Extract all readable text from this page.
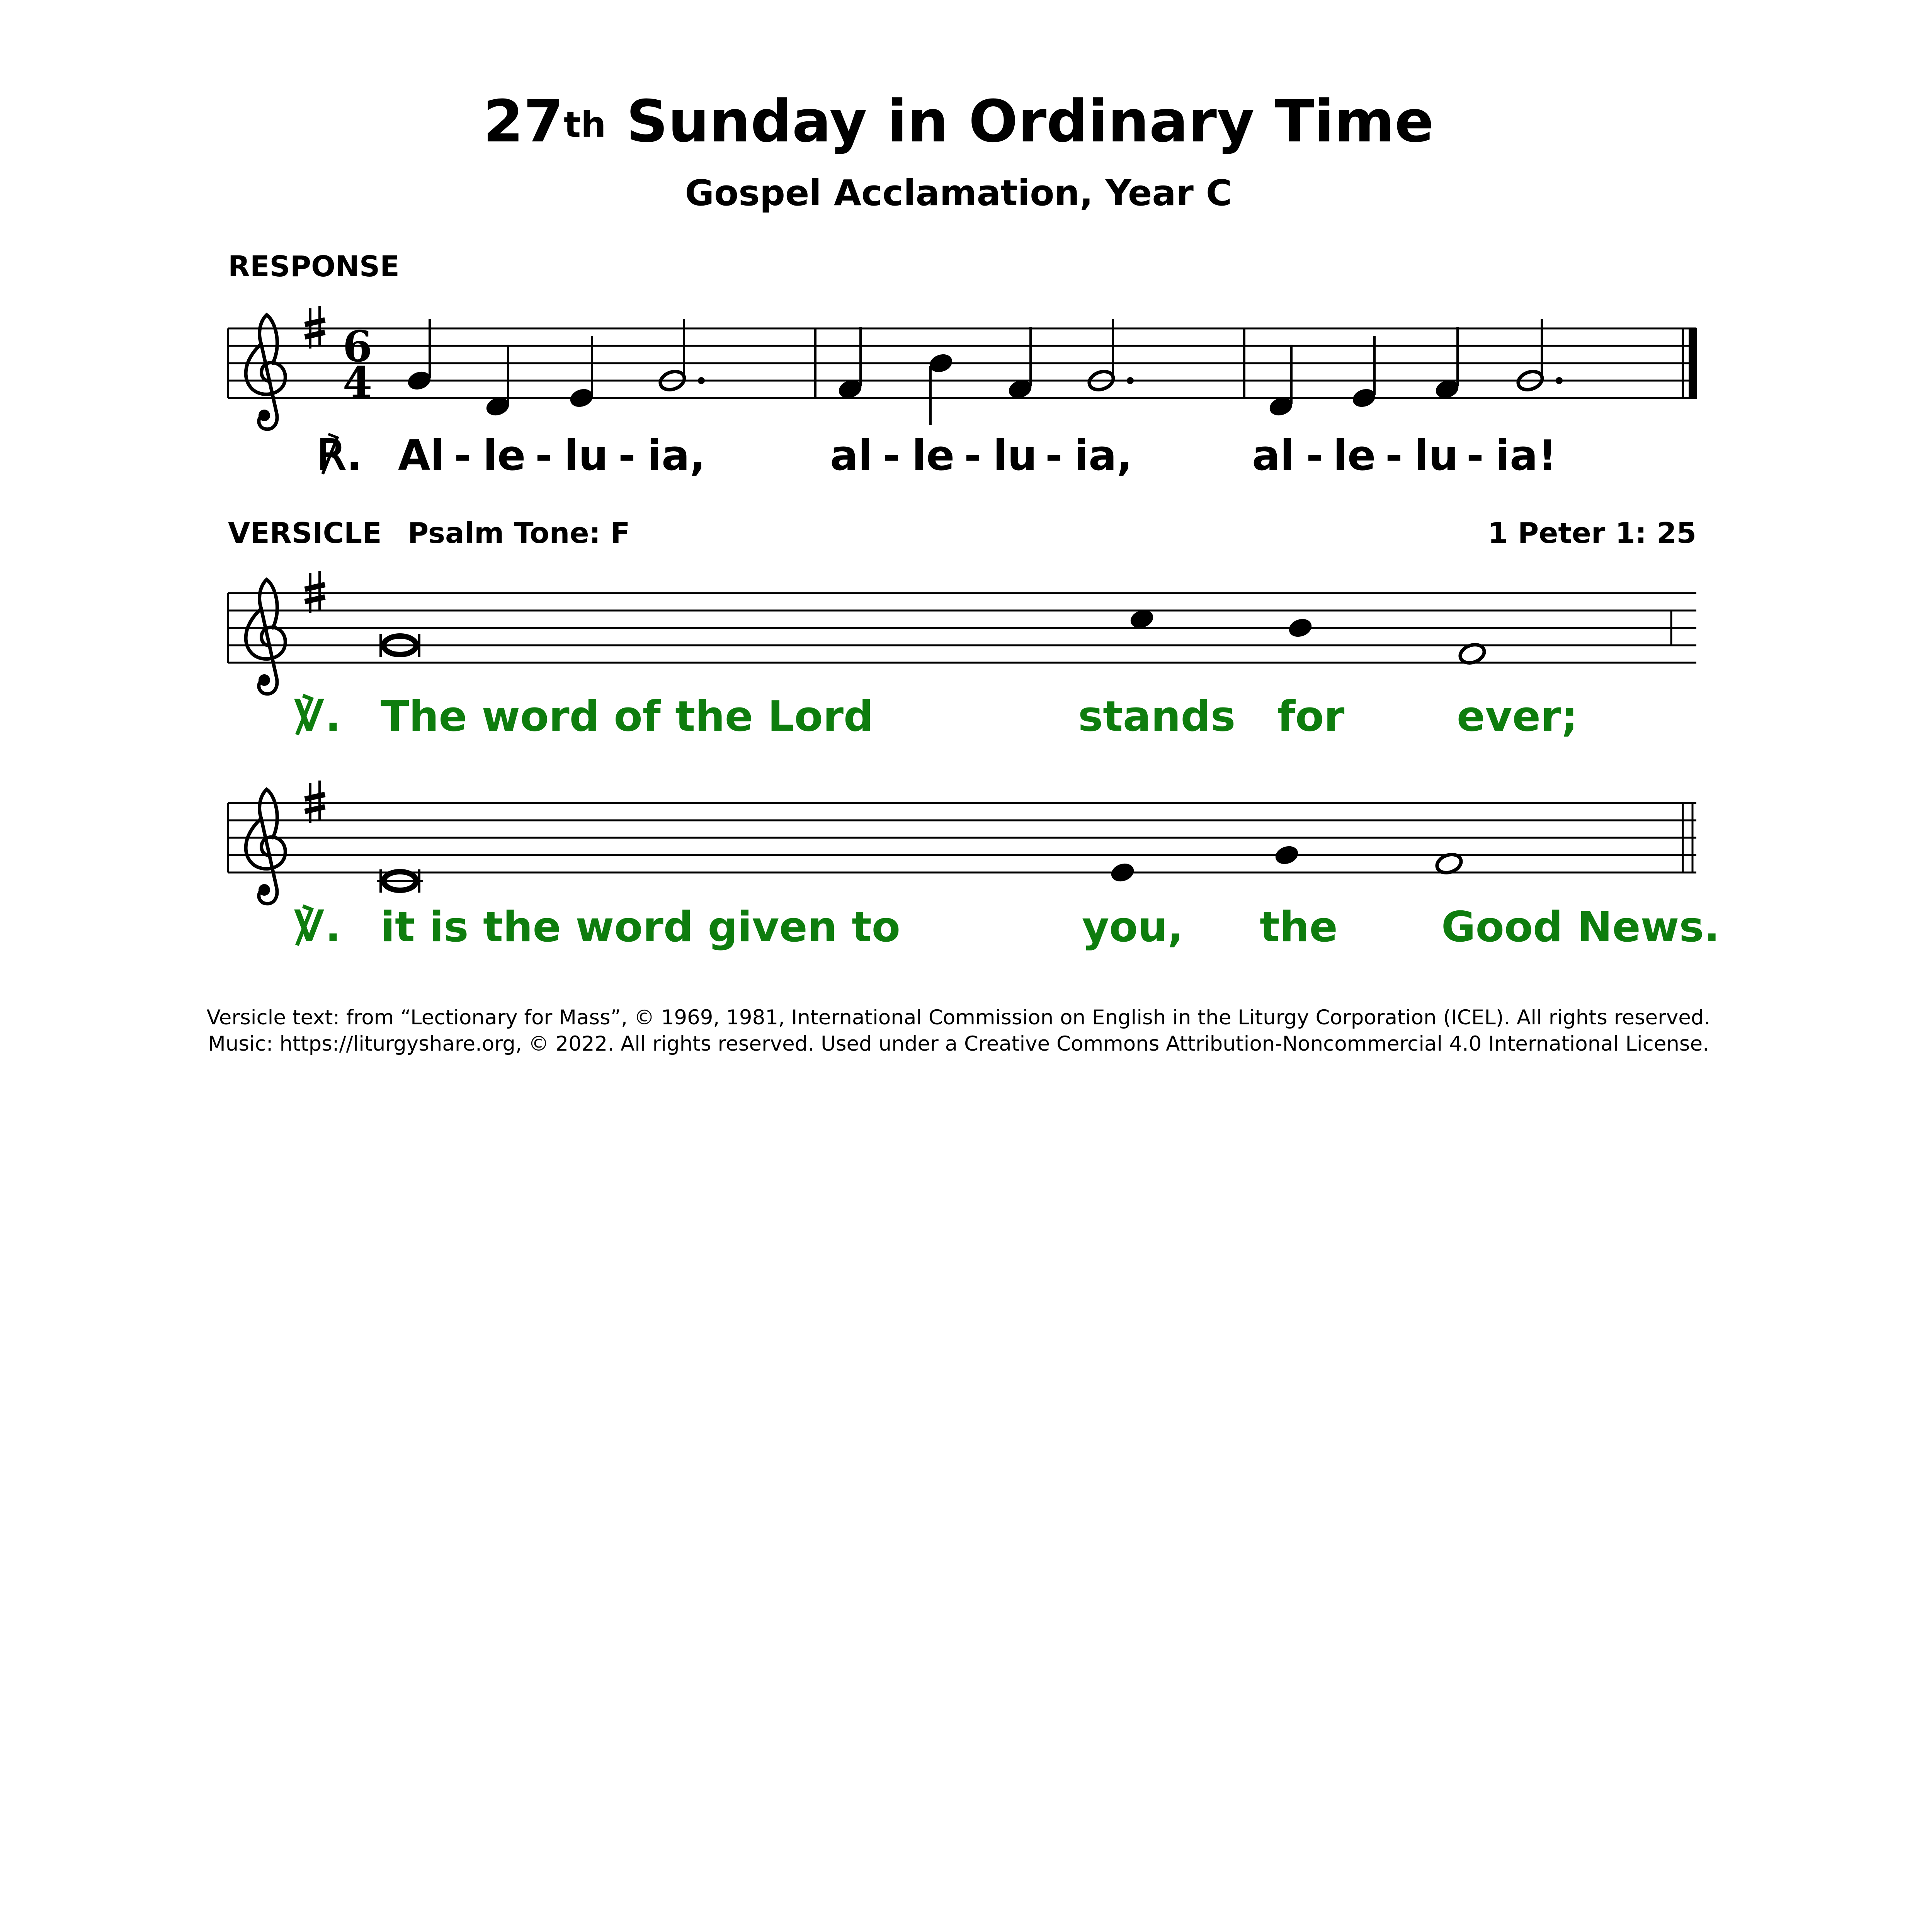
27th Sunday in Ordinary Time
Gospel Acclamation, Year C
RESPONSE
6
4
℟. Al - le - lu - ia,	al - le - lu - ia,	al - le - lu - ia!
VERSICLE Psalm Tone: F	1 Peter 1: 25
℣. The word of the Lord	stands for	ever;
℣. it is the word given to	you, the Good News.
Versicle text: from “Lectionary for Mass”, © 1969, 1981, International Commission on English in the Liturgy Corporation (ICEL). All rights reserved.
Music: https://liturgyshare.org, © 2022. All rights reserved. Used under a Creative Commons Attribution-Noncommercial 4.0 International License.
